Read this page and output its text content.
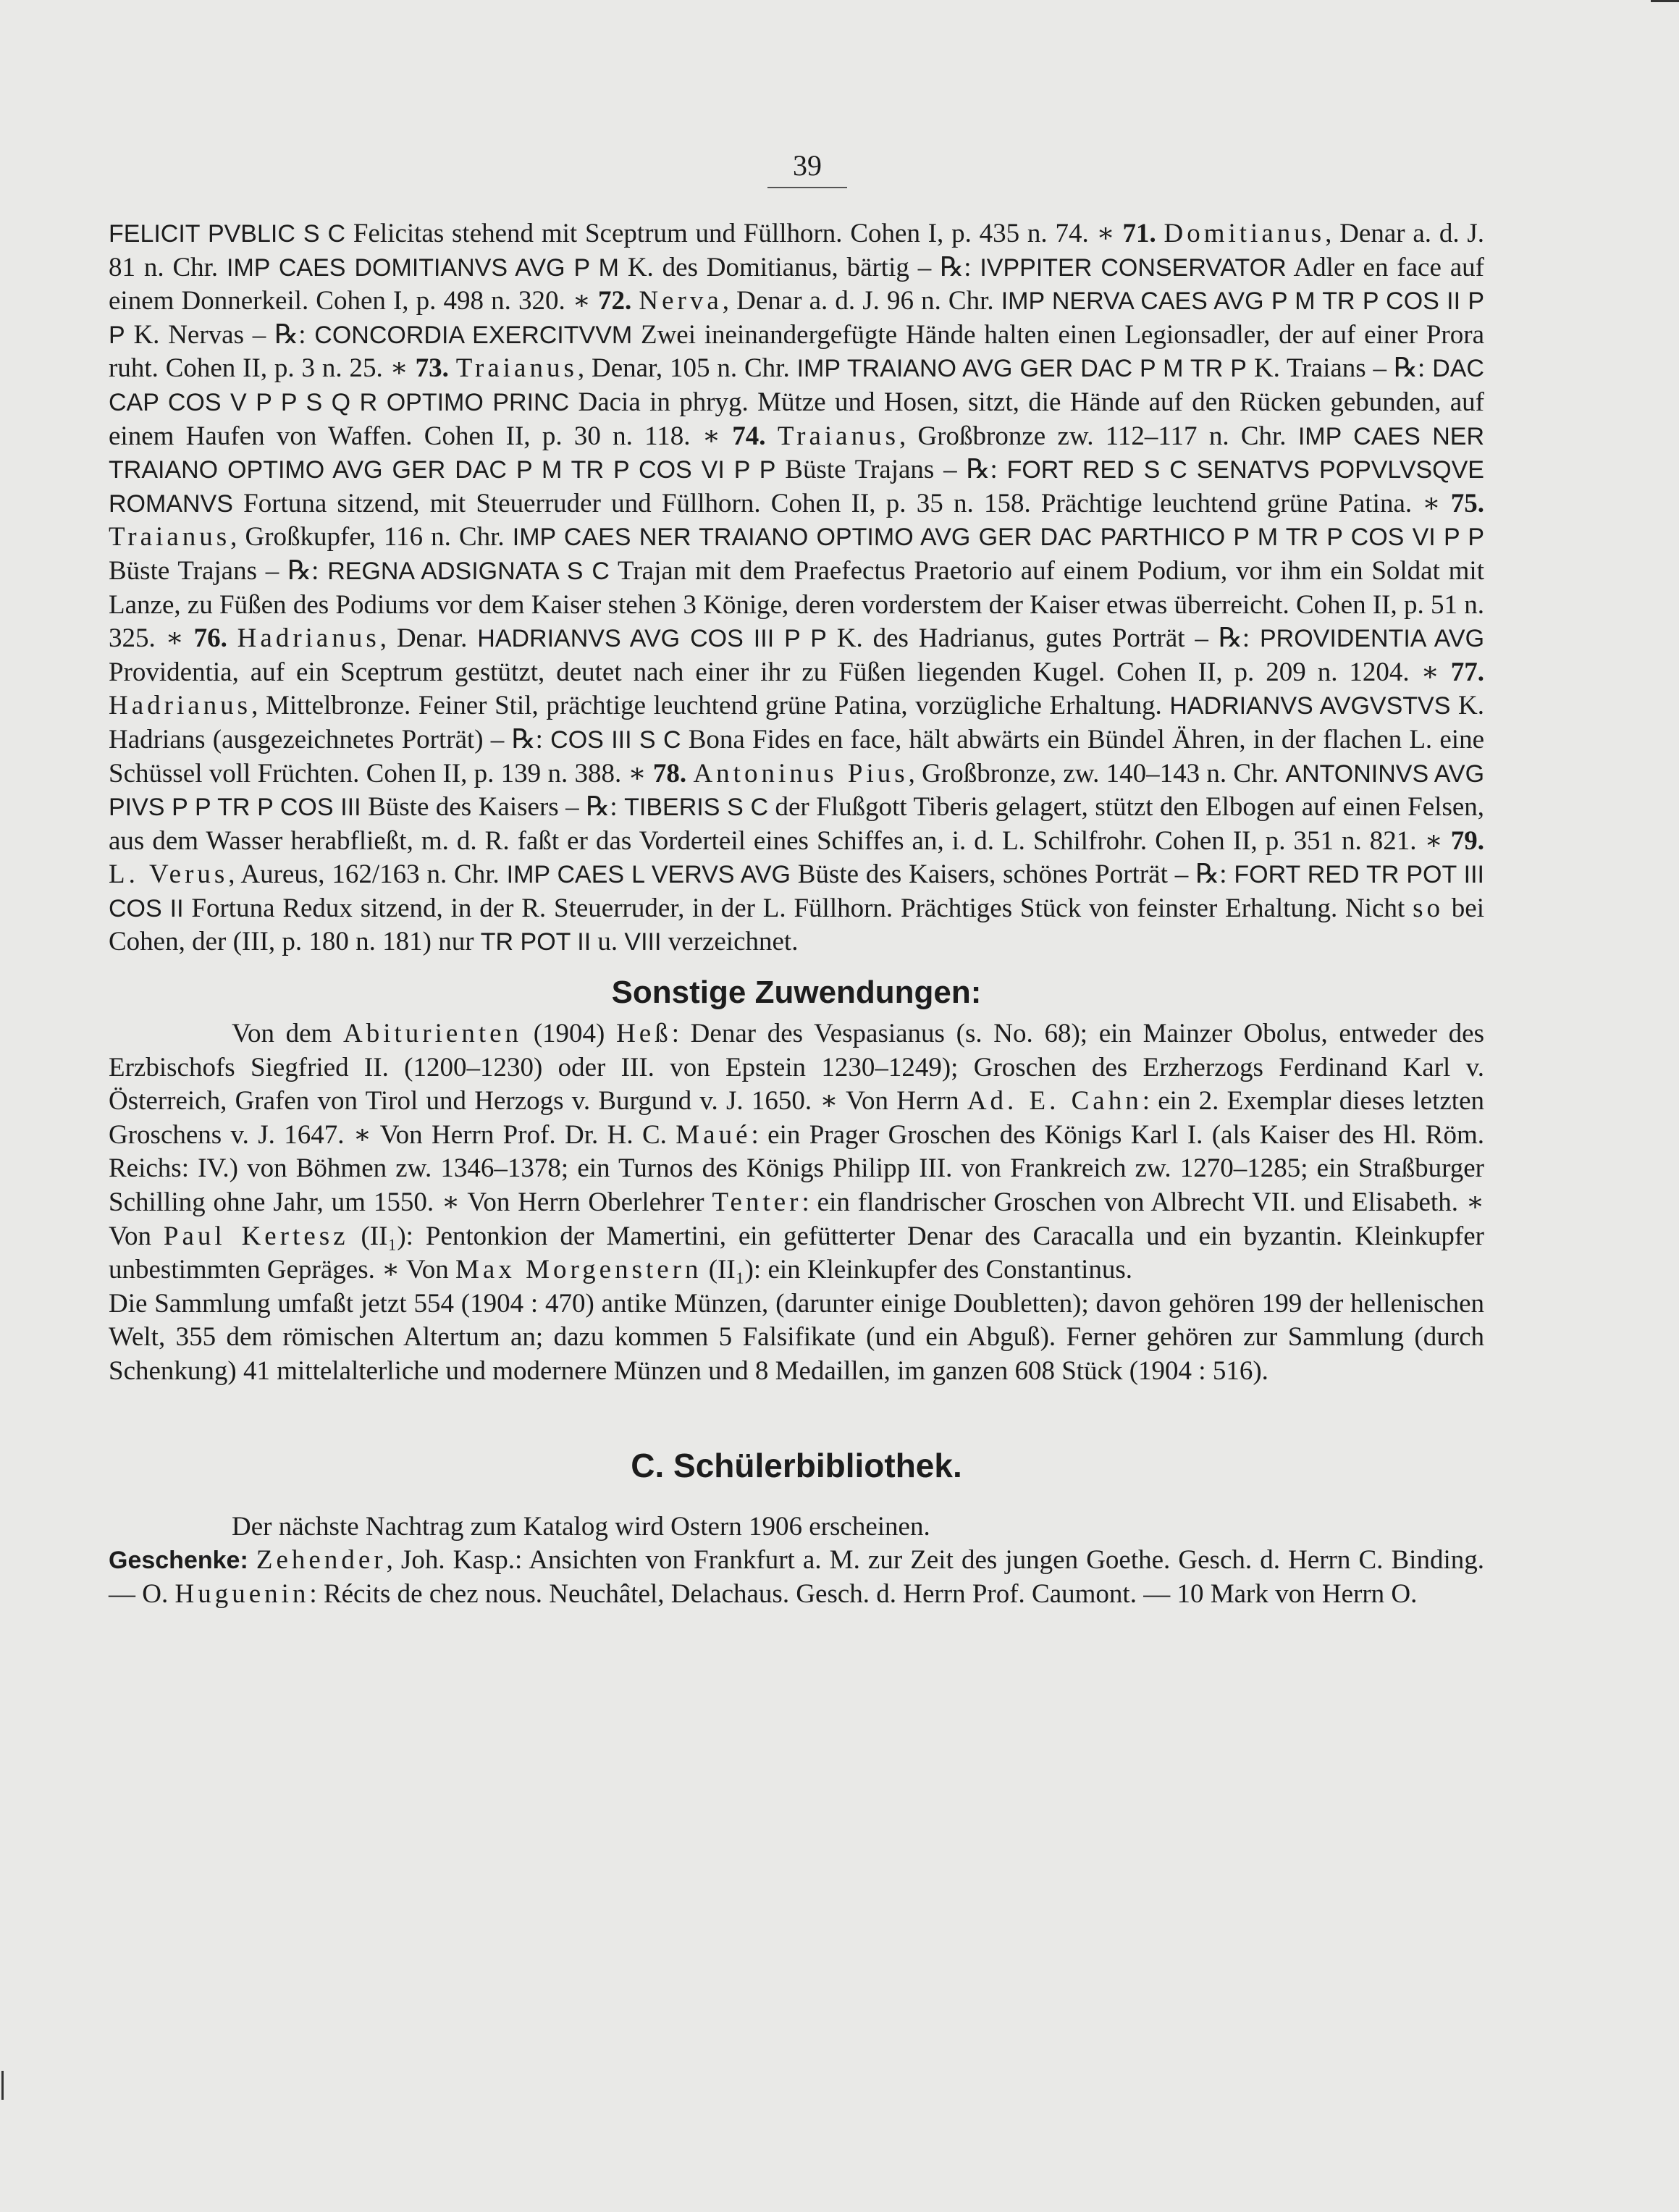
39

FELICIT PVBLIC S C Felicitas stehend mit Sceptrum und Füllhorn. Cohen I, p. 435 n. 74. ∗ 71. Domitianus, Denar a. d. J. 81 n. Chr. IMP CAES DOMITIANVS AVG P M K. des Domitianus, bärtig – ℞: IVPPITER CONSERVATOR Adler en face auf einem Donnerkeil. Cohen I, p. 498 n. 320. ∗ 72. Nerva, Denar a. d. J. 96 n. Chr. IMP NERVA CAES AVG P M TR P COS II P P K. Nervas – ℞: CONCORDIA EXERCITVVM Zwei ineinandergefügte Hände halten einen Legionsadler, der auf einer Prora ruht. Cohen II, p. 3 n. 25. ∗ 73. Traianus, Denar, 105 n. Chr. IMP TRAIANO AVG GER DAC P M TR P K. Traians – ℞: DAC CAP COS V P P S Q R OPTIMO PRINC Dacia in phryg. Mütze und Hosen, sitzt, die Hände auf den Rücken gebunden, auf einem Haufen von Waffen. Cohen II, p. 30 n. 118. ∗ 74. Traianus, Großbronze zw. 112–117 n. Chr. IMP CAES NER TRAIANO OPTIMO AVG GER DAC P M TR P COS VI P P Büste Trajans – ℞: FORT RED S C SENATVS POPVLVSQVE ROMANVS Fortuna sitzend, mit Steuerruder und Füllhorn. Cohen II, p. 35 n. 158. Prächtige leuchtend grüne Patina. ∗ 75. Traianus, Großkupfer, 116 n. Chr. IMP CAES NER TRAIANO OPTIMO AVG GER DAC PARTHICO P M TR P COS VI P P Büste Trajans – ℞: REGNA ADSIGNATA S C Trajan mit dem Praefectus Praetorio auf einem Podium, vor ihm ein Soldat mit Lanze, zu Füßen des Podiums vor dem Kaiser stehen 3 Könige, deren vorderstem der Kaiser etwas überreicht. Cohen II, p. 51 n. 325. ∗ 76. Hadrianus, Denar. HADRIANVS AVG COS III P P K. des Hadrianus, gutes Porträt – ℞: PROVIDENTIA AVG Providentia, auf ein Sceptrum gestützt, deutet nach einer ihr zu Füßen liegenden Kugel. Cohen II, p. 209 n. 1204. ∗ 77. Hadrianus, Mittelbronze. Feiner Stil, prächtige leuchtend grüne Patina, vorzügliche Erhaltung. HADRIANVS AVGVSTVS K. Hadrians (ausgezeichnetes Porträt) – ℞: COS III S C Bona Fides en face, hält abwärts ein Bündel Ähren, in der flachen L. eine Schüssel voll Früchten. Cohen II, p. 139 n. 388. ∗ 78. Antoninus Pius, Großbronze, zw. 140–143 n. Chr. ANTONINVS AVG PIVS P P TR P COS III Büste des Kaisers – ℞: TIBERIS S C der Flußgott Tiberis gelagert, stützt den Elbogen auf einen Felsen, aus dem Wasser herabfließt, m. d. R. faßt er das Vorderteil eines Schiffes an, i. d. L. Schilfrohr. Cohen II, p. 351 n. 821. ∗ 79. L. Verus, Aureus, 162/163 n. Chr. IMP CAES L VERVS AVG Büste des Kaisers, schönes Porträt – ℞: FORT RED TR POT III COS II Fortuna Redux sitzend, in der R. Steuerruder, in der L. Füllhorn. Prächtiges Stück von feinster Erhaltung. Nicht so bei Cohen, der (III, p. 180 n. 181) nur TR POT II u. VIII verzeichnet.

Sonstige Zuwendungen:

Von dem Abiturienten (1904) Heß: Denar des Vespasianus (s. No. 68); ein Mainzer Obolus, entweder des Erzbischofs Siegfried II. (1200–1230) oder III. von Epstein 1230–1249); Groschen des Erzherzogs Ferdinand Karl v. Österreich, Grafen von Tirol und Herzogs v. Burgund v. J. 1650. ∗ Von Herrn Ad. E. Cahn: ein 2. Exemplar dieses letzten Groschens v. J. 1647. ∗ Von Herrn Prof. Dr. H. C. Maué: ein Prager Groschen des Königs Karl I. (als Kaiser des Hl. Röm. Reichs: IV.) von Böhmen zw. 1346–1378; ein Turnos des Königs Philipp III. von Frankreich zw. 1270–1285; ein Straßburger Schilling ohne Jahr, um 1550. ∗ Von Herrn Oberlehrer Tenter: ein flandrischer Groschen von Albrecht VII. und Elisabeth. ∗ Von Paul Kertesz (II₁): Pentonkion der Mamertini, ein gefütterter Denar des Caracalla und ein byzantin. Kleinkupfer unbestimmten Gepräges. ∗ Von Max Morgenstern (II₁): ein Kleinkupfer des Constantinus.

Die Sammlung umfaßt jetzt 554 (1904 : 470) antike Münzen, (darunter einige Doubletten); davon gehören 199 der hellenischen Welt, 355 dem römischen Altertum an; dazu kommen 5 Falsifikate (und ein Abguß). Ferner gehören zur Sammlung (durch Schenkung) 41 mittelalterliche und modernere Münzen und 8 Medaillen, im ganzen 608 Stück (1904 : 516).

C. Schülerbibliothek.

Der nächste Nachtrag zum Katalog wird Ostern 1906 erscheinen.

Geschenke: Zehender, Joh. Kasp.: Ansichten von Frankfurt a. M. zur Zeit des jungen Goethe. Gesch. d. Herrn C. Binding. — O. Huguenin: Récits de chez nous. Neuchâtel, Delachaus. Gesch. d. Herrn Prof. Caumont. — 10 Mark von Herrn O.
